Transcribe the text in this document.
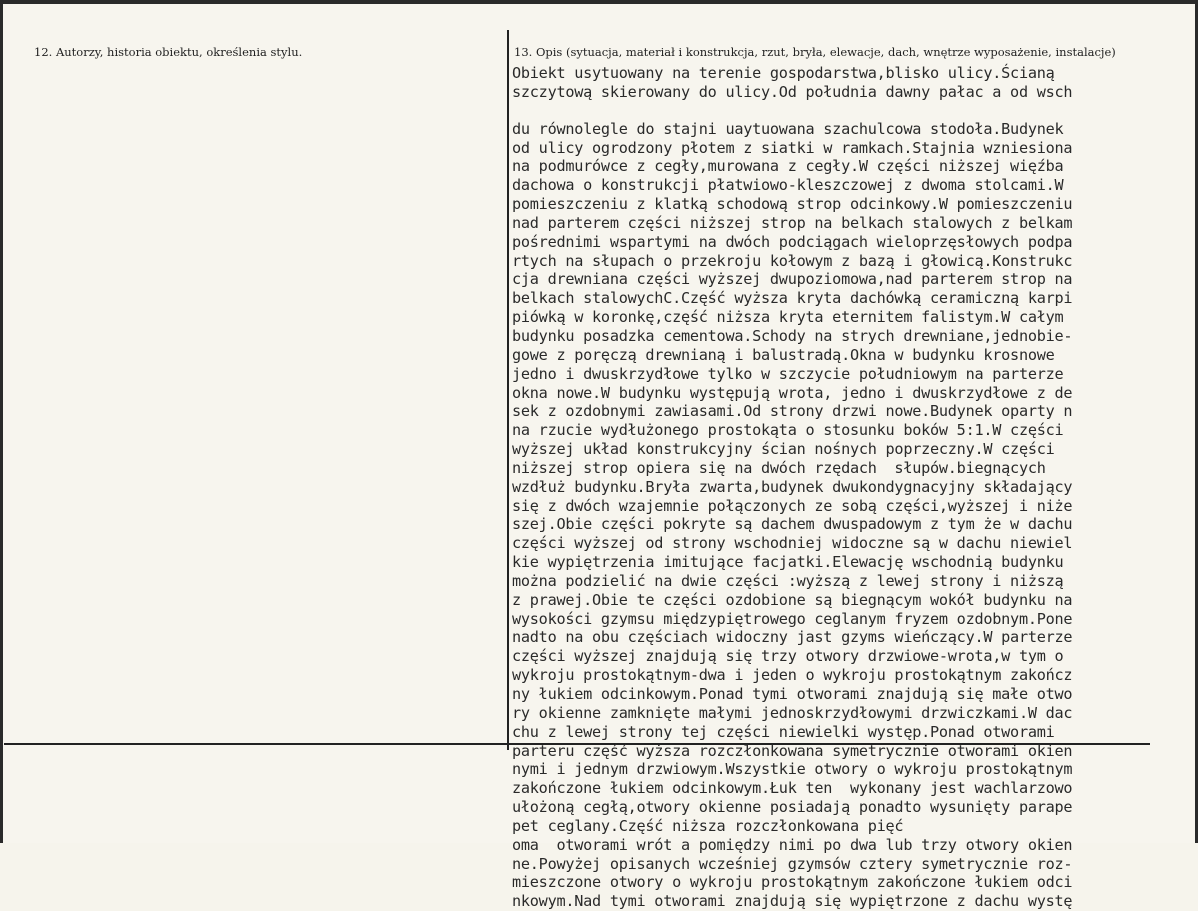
12. Autorzy, historia obiektu, określenia stylu.	13. Opis (sytuacja, materiał i konstrukcja, rzut, bryła, elewacje, dach, wnętrze wyposażenie, instalacje)
Obiekt usytuowany na terenie gospodarstwa,blisko ulicy.Ścianą
szczytową skierowany do ulicy.Od południa dawny pałac a od wsch
du równolegle do stajni uaytuowana szachulcowa stodoła.Budynek
od ulicy ogrodzony płotem z siatki w ramkach.Stajnia wzniesiona
na podmurówce z cegły,murowana z cegły.W części niższej więźba
dachowa o konstrukcji płatwiowo-kleszczowej z dwoma stolcami.W
pomieszczeniu z klatką schodową strop odcinkowy.W pomieszczeniu
nad parterem części niższej strop na belkach stalowych z belkam
pośrednimi wspartymi na dwóch podciągach wieloprzęsłowych podpa
rtych na słupach o przekroju kołowym z bazą i głowicą.Konstrukc
cja drewniana części wyższej dwupoziomowa,nad parterem strop na
belkach stalowychC.Część wyższa kryta dachówką ceramiczną karpi
piówką w koronkę,część niższa kryta eternitem falistym.W całym
budynku posadzka cementowa.Schody na strych drewniane,jednobie-
gowe z poręczą drewnianą i balustradą.Okna w budynku krosnowe
jedno i dwuskrzydłowe tylko w szczycie południowym na parterze
okna nowe.W budynku występują wrota, jedno i dwuskrzydłowe z de
sek z ozdobnymi zawiasami.Od strony drzwi nowe.Budynek oparty n
na rzucie wydłużonego prostokąta o stosunku boków 5:1.W części
wyższej układ konstrukcyjny ścian nośnych poprzeczny.W części
niższej strop opiera się na dwóch rzędach  słupów.biegnących
wzdłuż budynku.Bryła zwarta,budynek dwukondygnacyjny składający
się z dwóch wzajemnie połączonych ze sobą części,wyższej i niże
szej.Obie części pokryte są dachem dwuspadowym z tym że w dachu
części wyższej od strony wschodniej widoczne są w dachu niewiel
kie wypiętrzenia imitujące facjatki.Elewację wschodnią budynku
można podzielić na dwie części :wyższą z lewej strony i niższą
z prawej.Obie te części ozdobione są biegnącym wokół budynku na
wysokości gzymsu międzypiętrowego ceglanym fryzem ozdobnym.Pone
nadto na obu częściach widoczny jast gzyms wieńczący.W parterze
części wyższej znajdują się trzy otwory drzwiowe-wrota,w tym o
wykroju prostokątnym-dwa i jeden o wykroju prostokątnym zakończ
ny łukiem odcinkowym.Ponad tymi otworami znajdują się małe otwo
ry okienne zamknięte małymi jednoskrzydłowymi drzwiczkami.W dac
chu z lewej strony tej części niewielki występ.Ponad otworami
parteru część wyższa rozczłonkowana symetrycznie otworami okien
nymi i jednym drzwiowym.Wszystkie otwory o wykroju prostokątnym
zakończone łukiem odcinkowym.Łuk ten  wykonany jest wachlarzowo
ułożoną cegłą,otwory okienne posiadają ponadto wysunięty parape
pet ceglany.Część niższa rozczłonkowana pięć
oma  otworami wrót a pomiędzy nimi po dwa lub trzy otwory okien
ne.Powyżej opisanych wcześniej gzymsów cztery symetrycznie roz-
mieszczone otwory o wykroju prostokątnym zakończone łukiem odci
nkowym.Nad tymi otworami znajdują się wypiętrzone z dachu wystę
